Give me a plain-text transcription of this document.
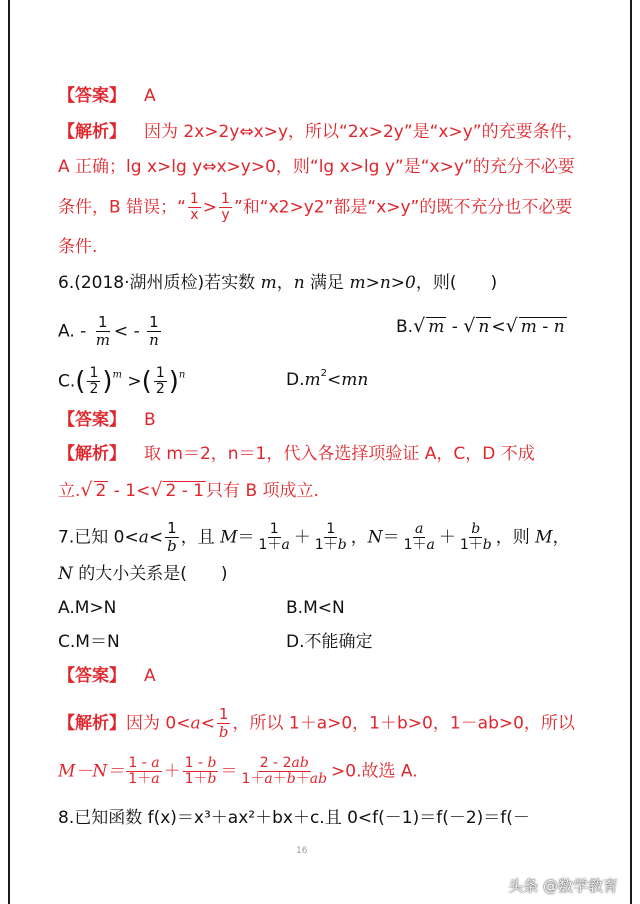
【答案】 A
【解析】 因为 2x>2y⇔x>y，所以“2x>2y”是“x>y”的充要条件，
A 正确；lg x>lg y⇔x>y>0，则“lg x>lg y”是“x>y”的充分不必要
条件，B 错误；“ $\frac{1}{x} > \frac{1}{y}$ ”和“x2>y2”都是“x>y”的既不充分也不必要
条件.
6.(2018·湖州质检)若实数 m，n 满足 m>n>0，则(　　)
A. - $\frac{1}{m}$ < - $\frac{1}{n}$	B.√ m - √ n <√ m - n
$C.( \frac{1}{2} )^m$ >( $\frac{1}{2} )^n$	$D.m^2<mn$
【答案】 B
【解析】 取 m＝2，n＝1，代入各选择项验证 A，C，D 不成
立.√ 2 - 1<√ 2 - 1 只有 B 项成立.
7.已知 $0<a< \frac{1}{b}$ ，且 $M= \frac{1}{1+a} + \frac{1}{1+b}$ ，$N= \frac{a}{1+a} + \frac{b}{1+b}$ ，则 M，
N 的大小关系是(　　)
A.M>N	B.M<N
C.M＝N	D.不能确定
【答案】 A
【解析】因为 $0<a< \frac{1}{b}$ ，所以 1＋a>0，1＋b>0，1－ab>0，所以
$M-N= \frac{1 - a}{1+a} + \frac{1 - b}{1+b} = \frac{2 - 2ab}{1+a+b+ab} >0$.故选 A.
8.已知函数 f(x)＝x³＋ax²＋bx＋c.且 0<f(－1)＝f(－2)＝f(－
16
头条 @数学教育
